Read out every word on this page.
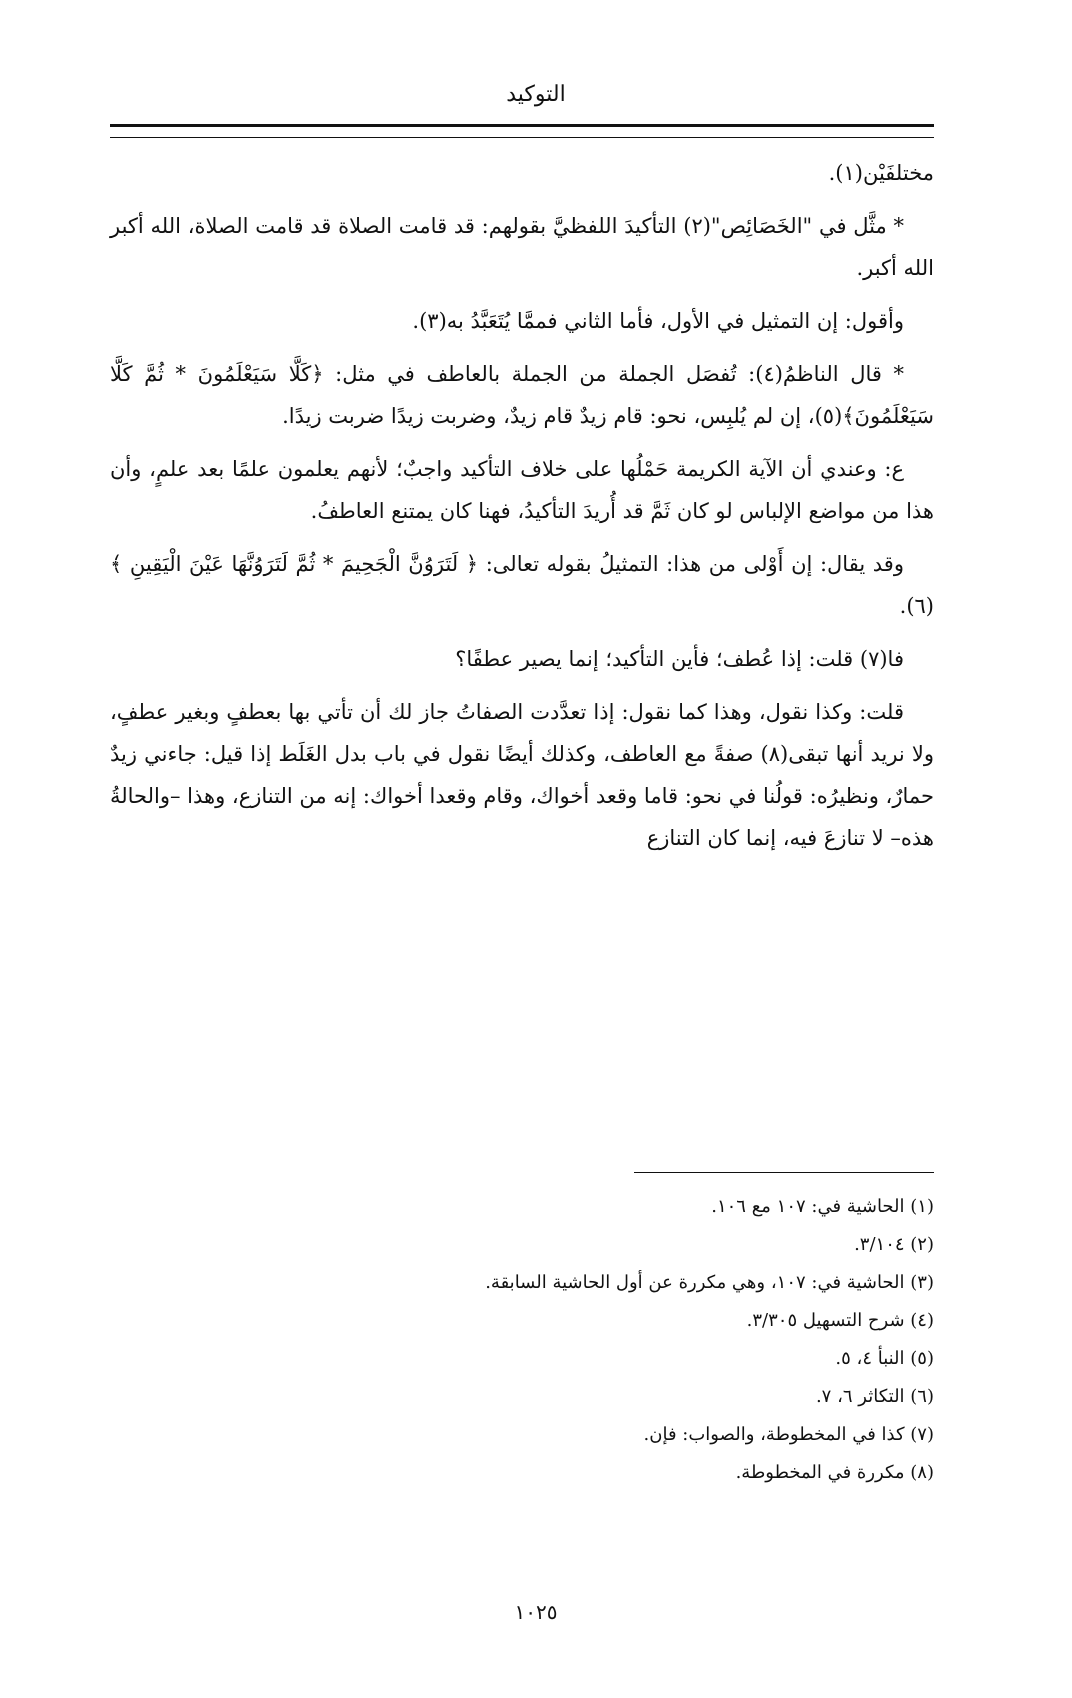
التوكيد

مختلفَيْن(١).

* مثَّل في "الخَصَائِص"(٢) التأكيدَ اللفظيَّ بقولهم: قد قامت الصلاة قد قامت الصلاة، الله أكبر الله أكبر.

وأقول: إن التمثيل في الأول، فأما الثاني فممَّا يُتَعَبَّدُ به(٣).

* قال الناظمُ(٤): تُفصَل الجملة من الجملة بالعاطف في مثل: ﴿كَلَّا سَيَعْلَمُونَ * ثُمَّ كَلَّا سَيَعْلَمُونَ﴾(٥)، إن لم يُلبِس، نحو: قام زيدٌ قام زيدٌ، وضربت زيدًا ضربت زيدًا.

ع: وعندي أن الآية الكريمة حَمْلُها على خلاف التأكيد واجبٌ؛ لأنهم يعلمون علمًا بعد علمٍ، وأن هذا من مواضع الإلباس لو كان ثَمَّ قد أُريدَ التأكيدُ، فهنا كان يمتنع العاطفُ.

وقد يقال: إن أَوْلى من هذا: التمثيلُ بقوله تعالى: ﴿ لَتَرَوُنَّ الْجَحِيمَ * ثُمَّ لَتَرَوُنَّهَا عَيْنَ الْيَقِينِ ﴾(٦).

فا(٧) قلت: إذا عُطف؛ فأين التأكيد؛ إنما يصير عطفًا؟

قلت: وكذا نقول، وهذا كما نقول: إذا تعدَّدت الصفاتُ جاز لك أن تأتي بها بعطفٍ وبغير عطفٍ، ولا نريد أنها تبقى(٨) صفةً مع العاطف، وكذلك أيضًا نقول في باب بدل الغَلَط إذا قيل: جاءني زيدٌ حمارٌ، ونظيرُه: قولُنا في نحو: قاما وقعد أخواك، وقام وقعدا أخواك: إنه من التنازع، وهذا –والحالةُ هذه– لا تنازعَ فيه، إنما كان التنازع

(١) الحاشية في: ١٠٧ مع ١٠٦.

(٢) ٣/١٠٤.

(٣) الحاشية في: ١٠٧، وهي مكررة عن أول الحاشية السابقة.

(٤) شرح التسهيل ٣/٣٠٥.

(٥) النبأ ٤، ٥.

(٦) التكاثر ٦، ٧.

(٧) كذا في المخطوطة، والصواب: فإن.

(٨) مكررة في المخطوطة.

١٠٢٥
